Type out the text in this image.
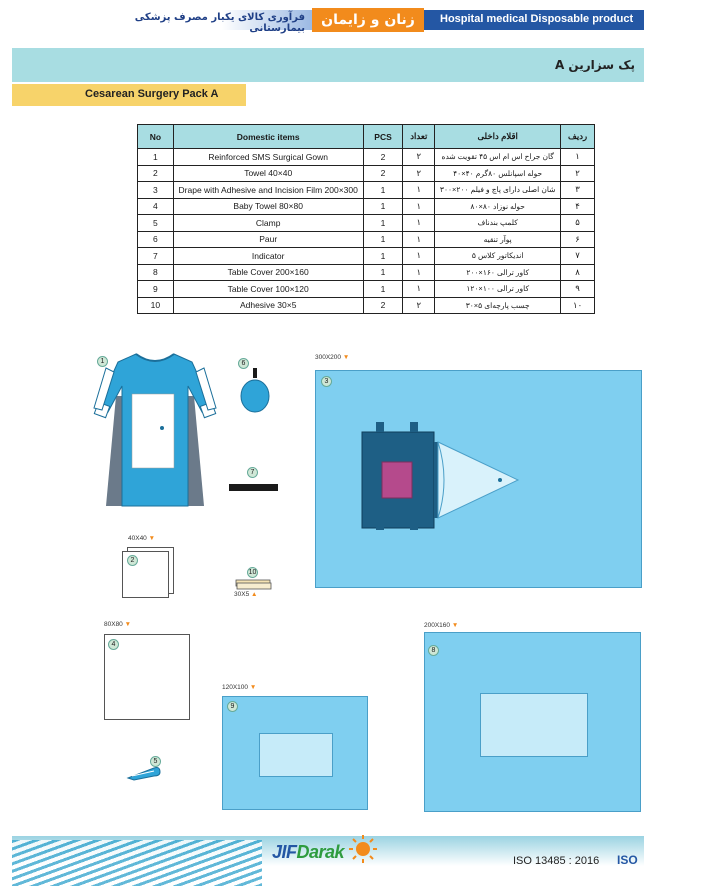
فرآوری کالای یکبار مصرف پزشکی بیمارستانی
زنان و زایمان	Hospital medical Disposable product
پک سزارین A
Cesarean Surgery Pack A
No	Domestic items	PCS	تعداد	اقلام داخلی	ردیف
1	Reinforced SMS Surgical Gown	2	۲	گان جراح اس ام اس ۴۵ تقویت شده	۱
2	Towel 40×40	2	۲	حوله اسپانلس ۸۰گرم ۴۰×۴۰	۲
3	Drape with Adhesive and Incision Film 200×300	1	۱	شان اصلی دارای پاچ و فیلم ۲۰۰×۳۰۰	۳
4	Baby Towel 80×80	1	۱	حوله نوزاد ۸۰×۸۰	۴
5	Clamp	1	۱	کلمپ بندناف	۵
6	Paur	1	۱	پوآر تنقیه	۶
7	Indicator	1	۱	اندیکاتور کلاس ۵	۷
8	Table Cover 200×160	1	۱	کاور ترالی ۱۶۰×۲۰۰	۸
9	Table Cover 100×120	1	۱	کاور ترالی ۱۰۰×۱۲۰	۹
10	Adhesive 30×5	2	۲	چسب پارچه‌ای ۵×۳۰	۱۰
1	6
7
300X200 ▼
3
40X40 ▼
2
10
30X5 ▲
80X80 ▼
4
5
120X100 ▼
9
200X160 ▼
8
JIFDarak	ISO 13485 : 2016 ISO
